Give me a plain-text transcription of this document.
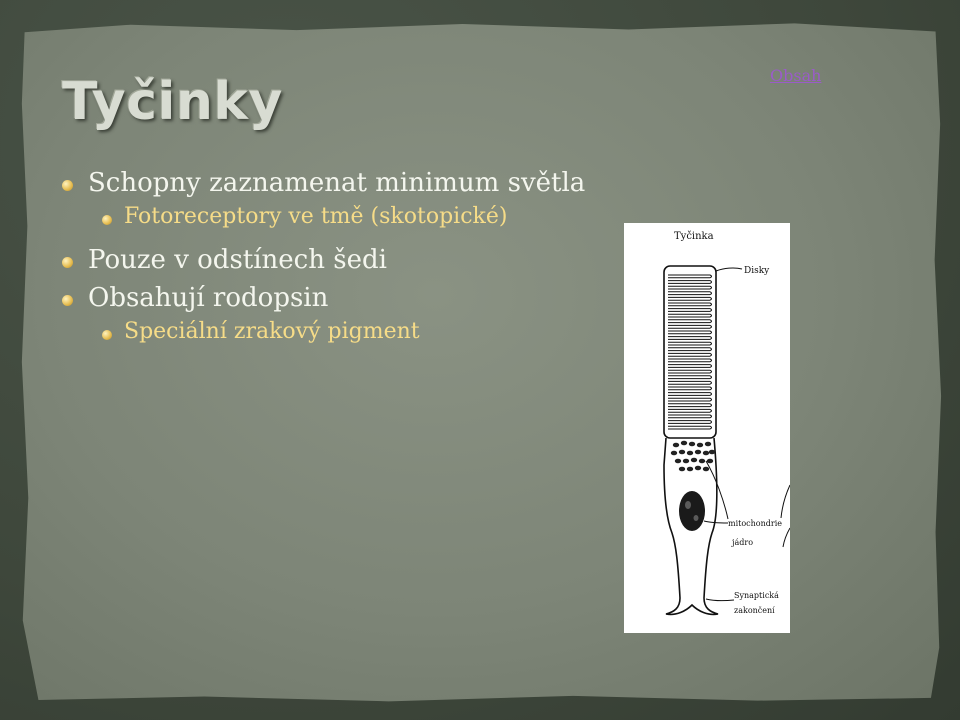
Tyčinky	Obsah
Schopny zaznamenat minimum světla
Fotoreceptory ve tmě (skotopické)
Pouze v odstínech šedi
Obsahují rodopsin
Speciální zrakový pigment
Tyčinka
Disky
mitochondrie
jádro
Synaptická
zakončení
